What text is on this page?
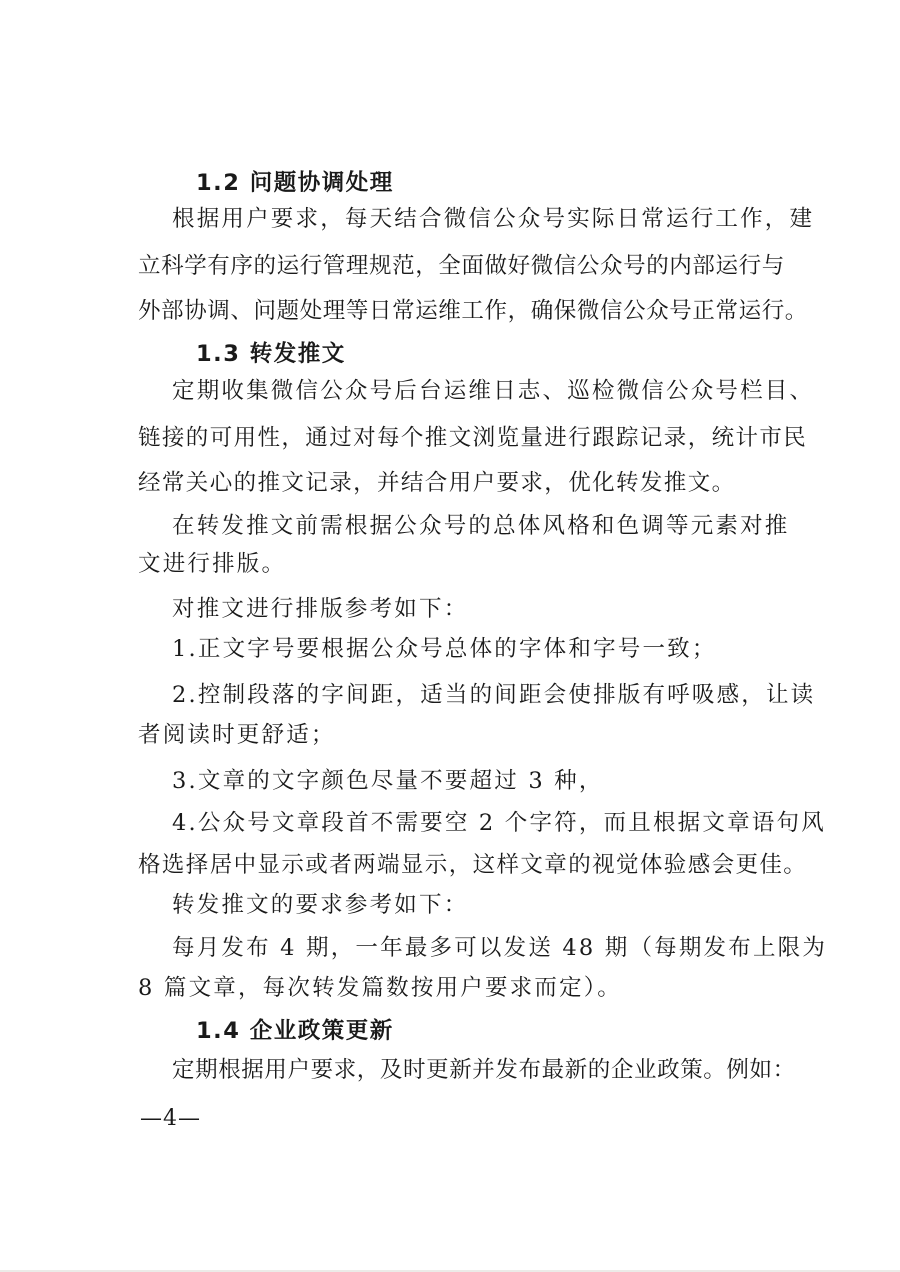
1.2 问题协调处理
根据用户要求，每天结合微信公众号实际日常运行工作，建
立科学有序的运行管理规范，全面做好微信公众号的内部运行与
外部协调、问题处理等日常运维工作，确保微信公众号正常运行。
1.3 转发推文
定期收集微信公众号后台运维日志、巡检微信公众号栏目、
链接的可用性，通过对每个推文浏览量进行跟踪记录，统计市民
经常关心的推文记录，并结合用户要求，优化转发推文。
在转发推文前需根据公众号的总体风格和色调等元素对推
文进行排版。
对推文进行排版参考如下：
1.正文字号要根据公众号总体的字体和字号一致；
2.控制段落的字间距，适当的间距会使排版有呼吸感，让读
者阅读时更舒适；
3.文章的文字颜色尽量不要超过 3 种，
4.公众号文章段首不需要空 2 个字符，而且根据文章语句风
格选择居中显示或者两端显示，这样文章的视觉体验感会更佳。
转发推文的要求参考如下：
每月发布 4 期，一年最多可以发送 48 期（每期发布上限为
8 篇文章，每次转发篇数按用户要求而定）。
1.4 企业政策更新
定期根据用户要求，及时更新并发布最新的企业政策。例如：
—4—
